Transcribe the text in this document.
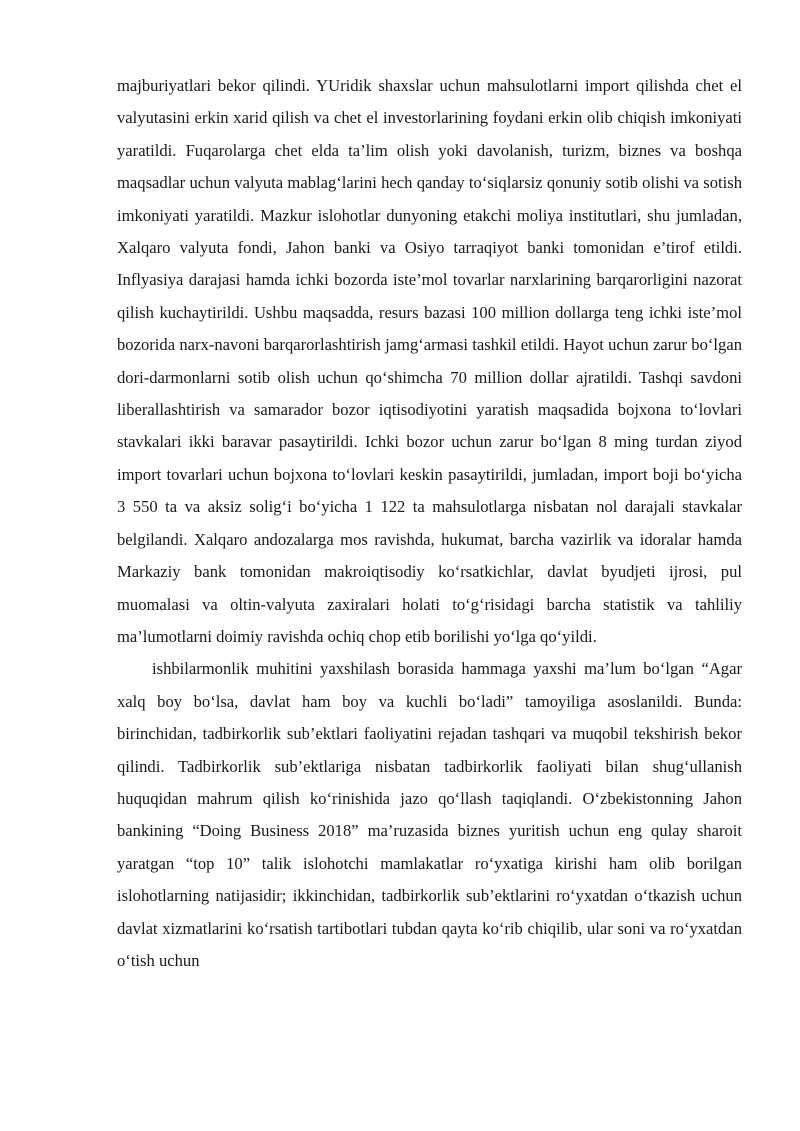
majburiyatlari bekor qilindi. YUridik shaxslar uchun mahsulotlarni import qilishda chet el valyutasini erkin xarid qilish va chet el investorlarining foydani erkin olib chiqish imkoniyati yaratildi. Fuqarolarga chet elda ta’lim olish yoki davolanish, turizm, biznes va boshqa maqsadlar uchun valyuta mablag‘larini hech qanday to‘siqlarsiz qonuniy sotib olishi va sotish imkoniyati yaratildi. Mazkur islohotlar dunyoning etakchi moliya institutlari, shu jumladan, Xalqaro valyuta fondi, Jahon banki va Osiyo tarraqiyot banki tomonidan e’tirof etildi. Inflyasiya darajasi hamda ichki bozorda iste’mol tovarlar narxlarining barqarorligini nazorat qilish kuchaytirildi. Ushbu maqsadda, resurs bazasi 100 million dollarga teng ichki iste’mol bozorida narx-navoni barqarorlashtirish jamg‘armasi tashkil etildi. Hayot uchun zarur bo‘lgan dori-darmonlarni sotib olish uchun qo‘shimcha 70 million dollar ajratildi. Tashqi savdoni liberallashtirish va samarador bozor iqtisodiyotini yaratish maqsadida bojxona to‘lovlari stavkalari ikki baravar pasaytirildi. Ichki bozor uchun zarur bo‘lgan 8 ming turdan ziyod import tovarlari uchun bojxona to‘lovlari keskin pasaytirildi, jumladan, import boji bo‘yicha 3 550 ta va aksiz solig‘i bo‘yicha 1 122 ta mahsulotlarga nisbatan nol darajali stavkalar belgilandi. Xalqaro andozalarga mos ravishda, hukumat, barcha vazirlik va idoralar hamda Markaziy bank tomonidan makroiqtisodiy ko‘rsatkichlar, davlat byudjeti ijrosi, pul muomalasi va oltin-valyuta zaxiralari holati to‘g‘risidagi barcha statistik va tahliliy ma’lumotlarni doimiy ravishda ochiq chop etib borilishi yo‘lga qo‘yildi.

ishbilarmonlik muhitini yaxshilash borasida hammaga yaxshi ma’lum bo‘lgan “Agar xalq boy bo‘lsa, davlat ham boy va kuchli bo‘ladi” tamoyiliga asoslanildi. Bunda: birinchidan, tadbirkorlik sub’ektlari faoliyatini rejadan tashqari va muqobil tekshirish bekor qilindi. Tadbirkorlik sub’ektlariga nisbatan tadbirkorlik faoliyati bilan shug‘ullanish huquqidan mahrum qilish ko‘rinishida jazo qo‘llash taqiqlandi. O‘zbekistonning Jahon bankining “Doing Business 2018” ma’ruzasida biznes yuritish uchun eng qulay sharoit yaratgan “top 10” talik islohotchi mamlakatlar ro‘yxatiga kirishi ham olib borilgan islohotlarning natijasidir; ikkinchidan, tadbirkorlik sub’ektlarini ro‘yxatdan o‘tkazish uchun davlat xizmatlarini ko‘rsatish tartibotlari tubdan qayta ko‘rib chiqilib, ular soni va ro‘yxatdan o‘tish uchun
